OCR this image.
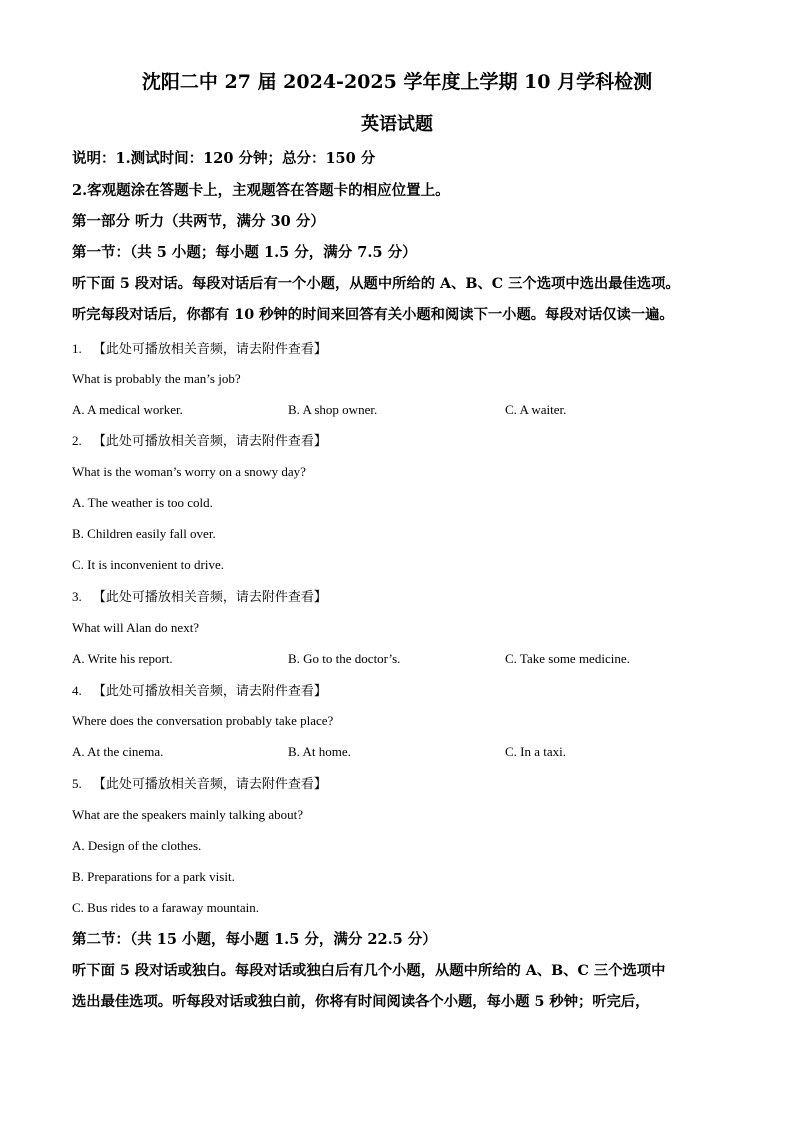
沈阳二中 27 届 2024-2025 学年度上学期 10 月学科检测
英语试题
说明：1.测试时间：120 分钟；总分：150 分
2.客观题涂在答题卡上，主观题答在答题卡的相应位置上。
第一部分 听力（共两节，满分 30 分）
第一节：（共 5 小题；每小题 1.5 分，满分 7.5 分）
听下面 5 段对话。每段对话后有一个小题，从题中所给的 A、B、C 三个选项中选出最佳选项。
听完每段对话后，你都有 10 秒钟的时间来回答有关小题和阅读下一小题。每段对话仅读一遍。
1. 【此处可播放相关音频，请去附件查看】
What is probably the man’s job?
A. A medical worker.	B. A shop owner.	C. A waiter.
2. 【此处可播放相关音频，请去附件查看】
What is the woman’s worry on a snowy day?
A. The weather is too cold.
B. Children easily fall over.
C. It is inconvenient to drive.
3. 【此处可播放相关音频，请去附件查看】
What will Alan do next?
A. Write his report.	B. Go to the doctor’s.	C. Take some medicine.
4. 【此处可播放相关音频，请去附件查看】
Where does the conversation probably take place?
A. At the cinema.	B. At home.	C. In a taxi.
5. 【此处可播放相关音频，请去附件查看】
What are the speakers mainly talking about?
A. Design of the clothes.
B. Preparations for a park visit.
C. Bus rides to a faraway mountain.
第二节：（共 15 小题，每小题 1.5 分，满分 22.5 分）
听下面 5 段对话或独白。每段对话或独白后有几个小题，从题中所给的 A、B、C 三个选项中
选出最佳选项。听每段对话或独白前，你将有时间阅读各个小题，每小题 5 秒钟；听完后，
